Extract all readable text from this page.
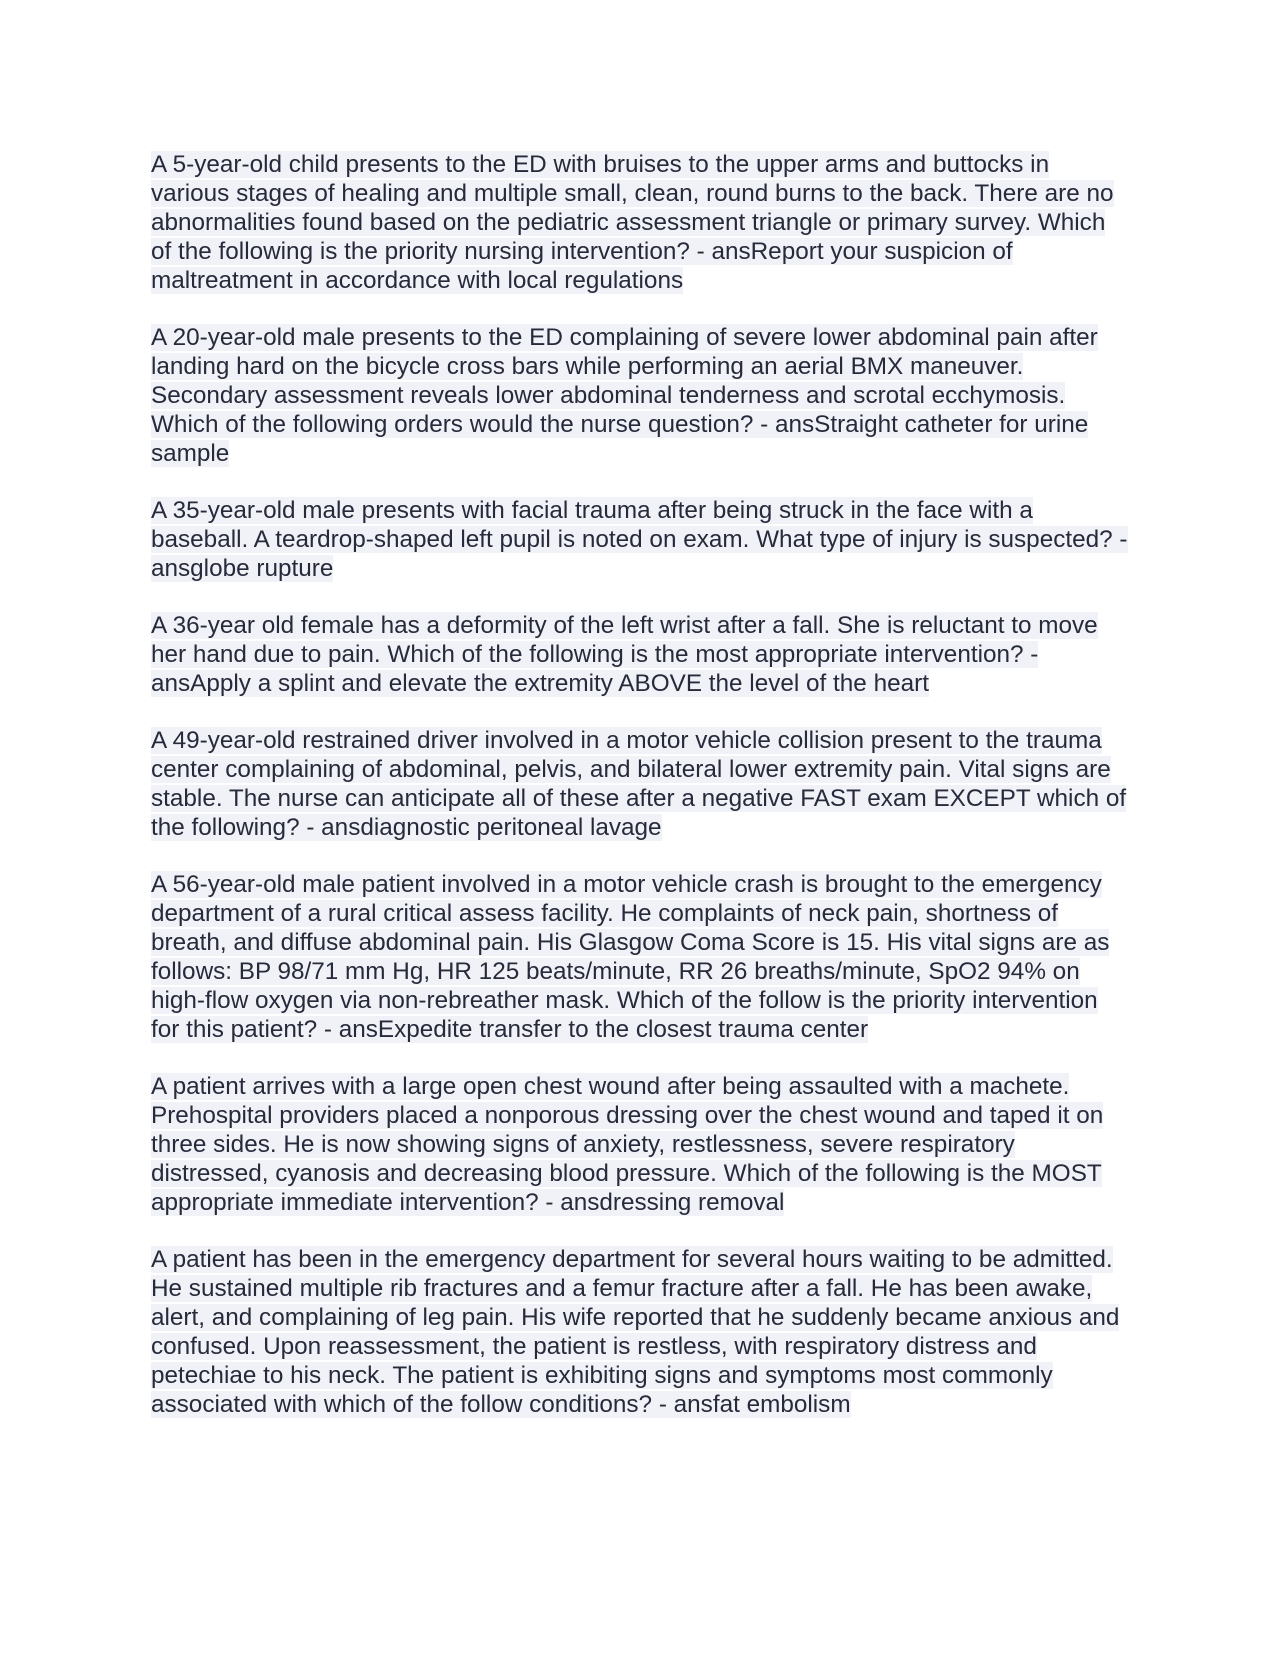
A 5-year-old child presents to the ED with bruises to the upper arms and buttocks in various stages of healing and multiple small, clean, round burns to the back. There are no abnormalities found based on the pediatric assessment triangle or primary survey. Which of the following is the priority nursing intervention? - ansReport your suspicion of maltreatment in accordance with local regulations

A 20-year-old male presents to the ED complaining of severe lower abdominal pain after landing hard on the bicycle cross bars while performing an aerial BMX maneuver. Secondary assessment reveals lower abdominal tenderness and scrotal ecchymosis. Which of the following orders would the nurse question? - ansStraight catheter for urine sample

A 35-year-old male presents with facial trauma after being struck in the face with a baseball. A teardrop-shaped left pupil is noted on exam. What type of injury is suspected? - ansglobe rupture

A 36-year old female has a deformity of the left wrist after a fall. She is reluctant to move her hand due to pain. Which of the following is the most appropriate intervention? - ansApply a splint and elevate the extremity ABOVE the level of the heart

A 49-year-old restrained driver involved in a motor vehicle collision present to the trauma center complaining of abdominal, pelvis, and bilateral lower extremity pain. Vital signs are stable. The nurse can anticipate all of these after a negative FAST exam EXCEPT which of the following? - ansdiagnostic peritoneal lavage

A 56-year-old male patient involved in a motor vehicle crash is brought to the emergency department of a rural critical assess facility. He complaints of neck pain, shortness of breath, and diffuse abdominal pain. His Glasgow Coma Score is 15. His vital signs are as follows: BP 98/71 mm Hg, HR 125 beats/minute, RR 26 breaths/minute, SpO2 94% on high-flow oxygen via non-rebreather mask. Which of the follow is the priority intervention for this patient? - ansExpedite transfer to the closest trauma center

A patient arrives with a large open chest wound after being assaulted with a machete. Prehospital providers placed a nonporous dressing over the chest wound and taped it on three sides. He is now showing signs of anxiety, restlessness, severe respiratory distressed, cyanosis and decreasing blood pressure. Which of the following is the MOST appropriate immediate intervention? - ansdressing removal

A patient has been in the emergency department for several hours waiting to be admitted. He sustained multiple rib fractures and a femur fracture after a fall. He has been awake, alert, and complaining of leg pain. His wife reported that he suddenly became anxious and confused. Upon reassessment, the patient is restless, with respiratory distress and petechiae to his neck. The patient is exhibiting signs and symptoms most commonly associated with which of the follow conditions? - ansfat embolism
